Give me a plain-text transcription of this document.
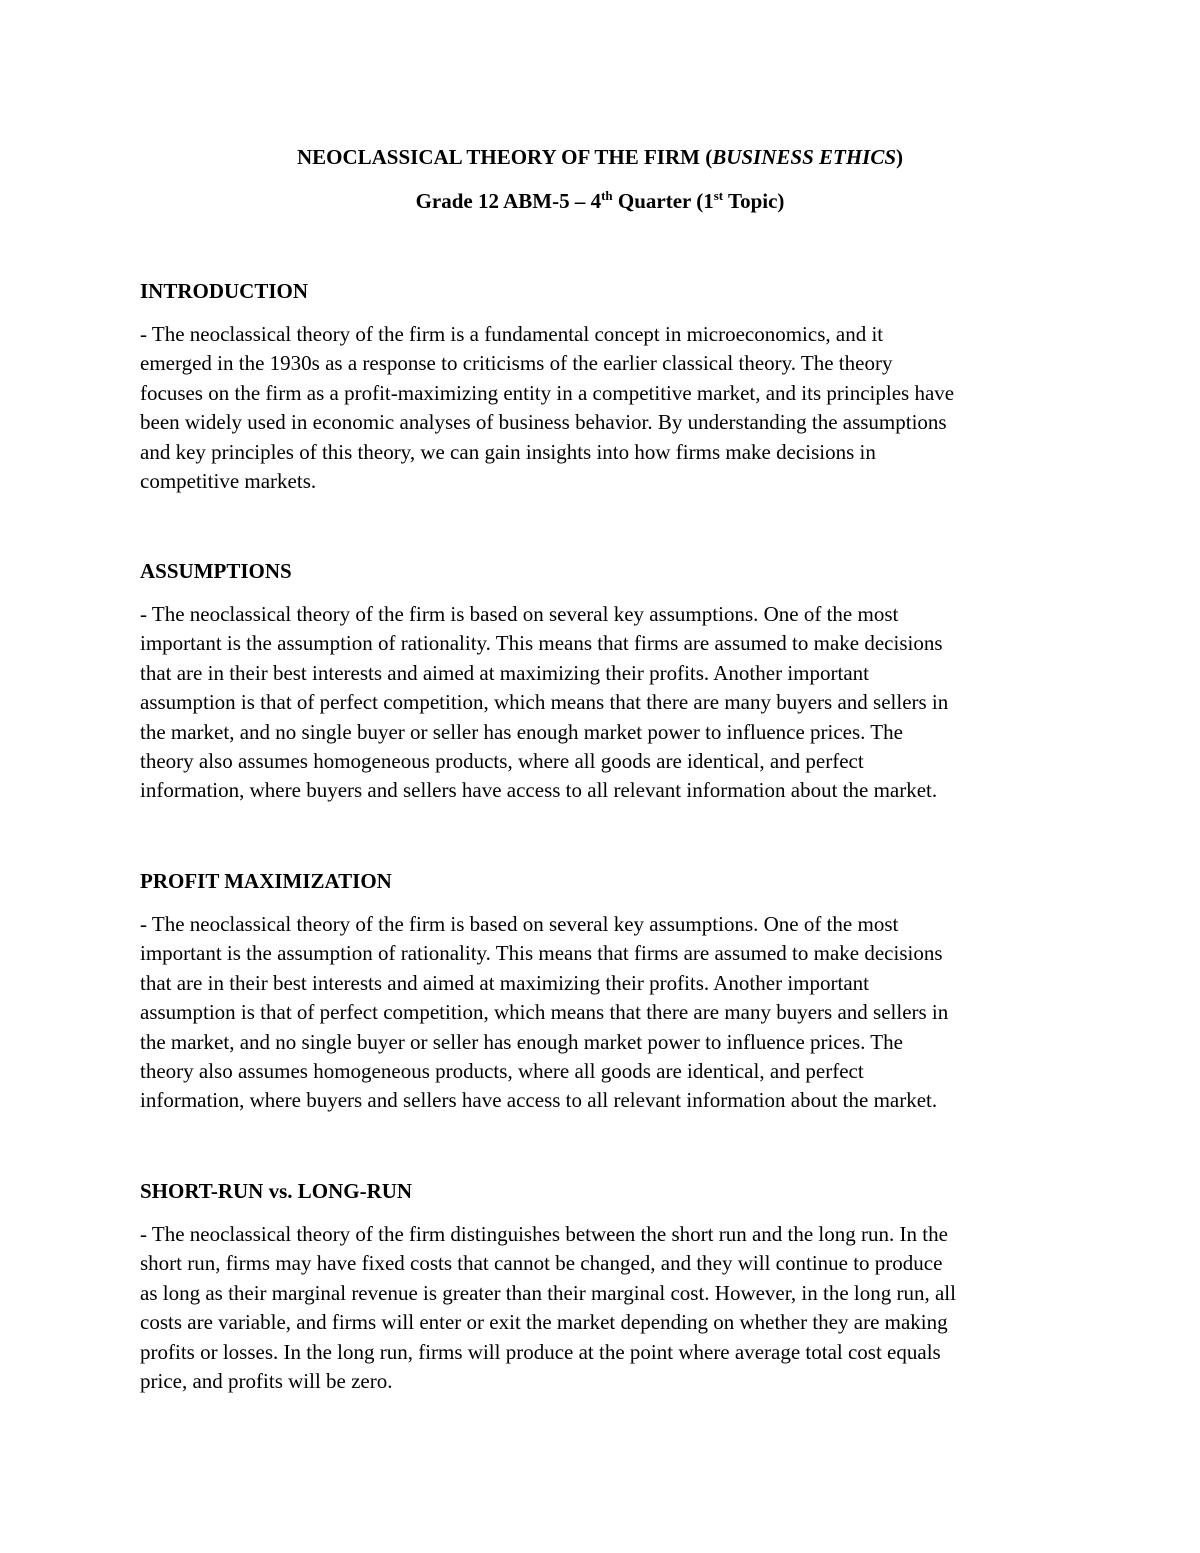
NEOCLASSICAL THEORY OF THE FIRM (BUSINESS ETHICS)
Grade 12 ABM-5 – 4th Quarter (1st Topic)
INTRODUCTION

- The neoclassical theory of the firm is a fundamental concept in microeconomics, and it
emerged in the 1930s as a response to criticisms of the earlier classical theory. The theory
focuses on the firm as a profit-maximizing entity in a competitive market, and its principles have
been widely used in economic analyses of business behavior. By understanding the assumptions
and key principles of this theory, we can gain insights into how firms make decisions in
competitive markets.

ASSUMPTIONS

- The neoclassical theory of the firm is based on several key assumptions. One of the most
important is the assumption of rationality. This means that firms are assumed to make decisions
that are in their best interests and aimed at maximizing their profits. Another important
assumption is that of perfect competition, which means that there are many buyers and sellers in
the market, and no single buyer or seller has enough market power to influence prices. The
theory also assumes homogeneous products, where all goods are identical, and perfect
information, where buyers and sellers have access to all relevant information about the market.

PROFIT MAXIMIZATION

- The neoclassical theory of the firm is based on several key assumptions. One of the most
important is the assumption of rationality. This means that firms are assumed to make decisions
that are in their best interests and aimed at maximizing their profits. Another important
assumption is that of perfect competition, which means that there are many buyers and sellers in
the market, and no single buyer or seller has enough market power to influence prices. The
theory also assumes homogeneous products, where all goods are identical, and perfect
information, where buyers and sellers have access to all relevant information about the market.

SHORT-RUN vs. LONG-RUN

- The neoclassical theory of the firm distinguishes between the short run and the long run. In the
short run, firms may have fixed costs that cannot be changed, and they will continue to produce
as long as their marginal revenue is greater than their marginal cost. However, in the long run, all
costs are variable, and firms will enter or exit the market depending on whether they are making
profits or losses. In the long run, firms will produce at the point where average total cost equals
price, and profits will be zero.
